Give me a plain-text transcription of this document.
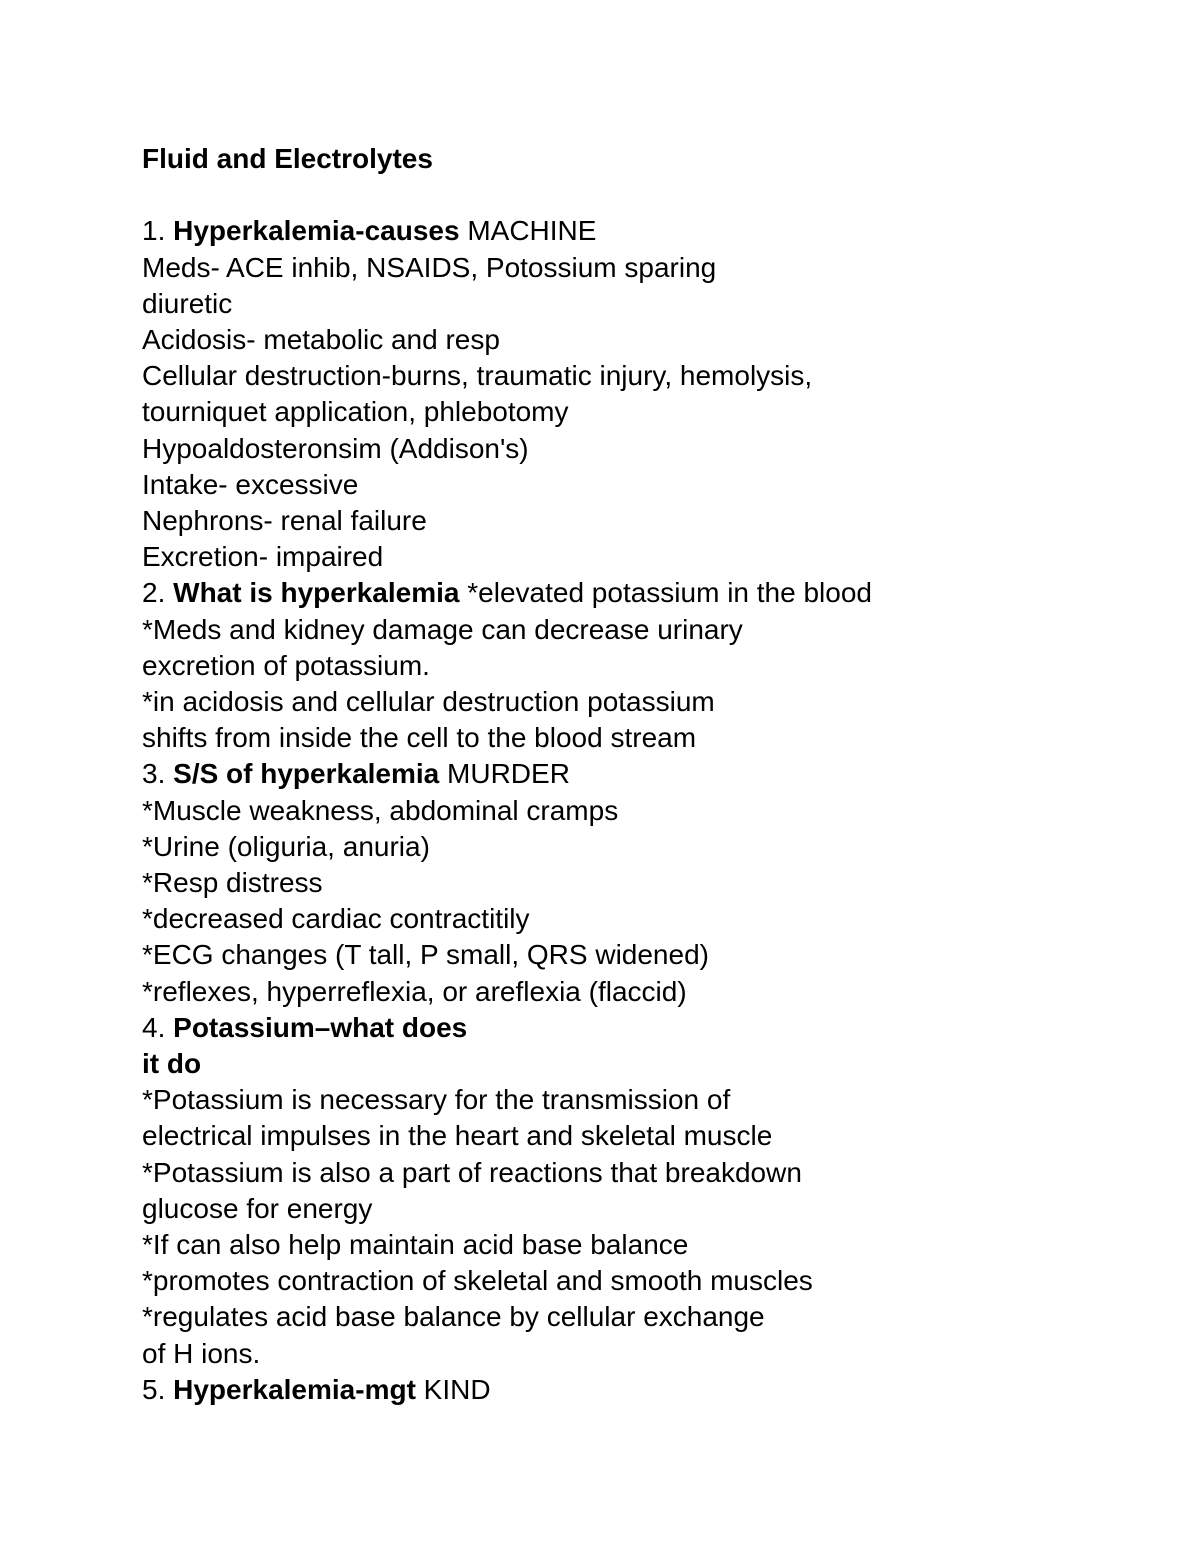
Fluid and Electrolytes
1. Hyperkalemia-causes MACHINE
Meds- ACE inhib, NSAIDS, Potossium sparing
diuretic
Acidosis- metabolic and resp
Cellular destruction-burns, traumatic injury, hemolysis,
tourniquet application, phlebotomy
Hypoaldosteronsim (Addison's)
Intake- excessive
Nephrons- renal failure
Excretion- impaired
2. What is hyperkalemia *elevated potassium in the blood
*Meds and kidney damage can decrease urinary
excretion of potassium.
*in acidosis and cellular destruction potassium
shifts from inside the cell to the blood stream
3. S/S of hyperkalemia MURDER
*Muscle weakness, abdominal cramps
*Urine (oliguria, anuria)
*Resp distress
*decreased cardiac contractitily
*ECG changes (T tall, P small, QRS widened)
*reflexes, hyperreflexia, or areflexia (flaccid)
4. Potassium–what does
it do
*Potassium is necessary for the transmission of
electrical impulses in the heart and skeletal muscle
*Potassium is also a part of reactions that breakdown
glucose for energy
*If can also help maintain acid base balance
*promotes contraction of skeletal and smooth muscles
*regulates acid base balance by cellular exchange
of H ions.
5. Hyperkalemia-mgt KIND
